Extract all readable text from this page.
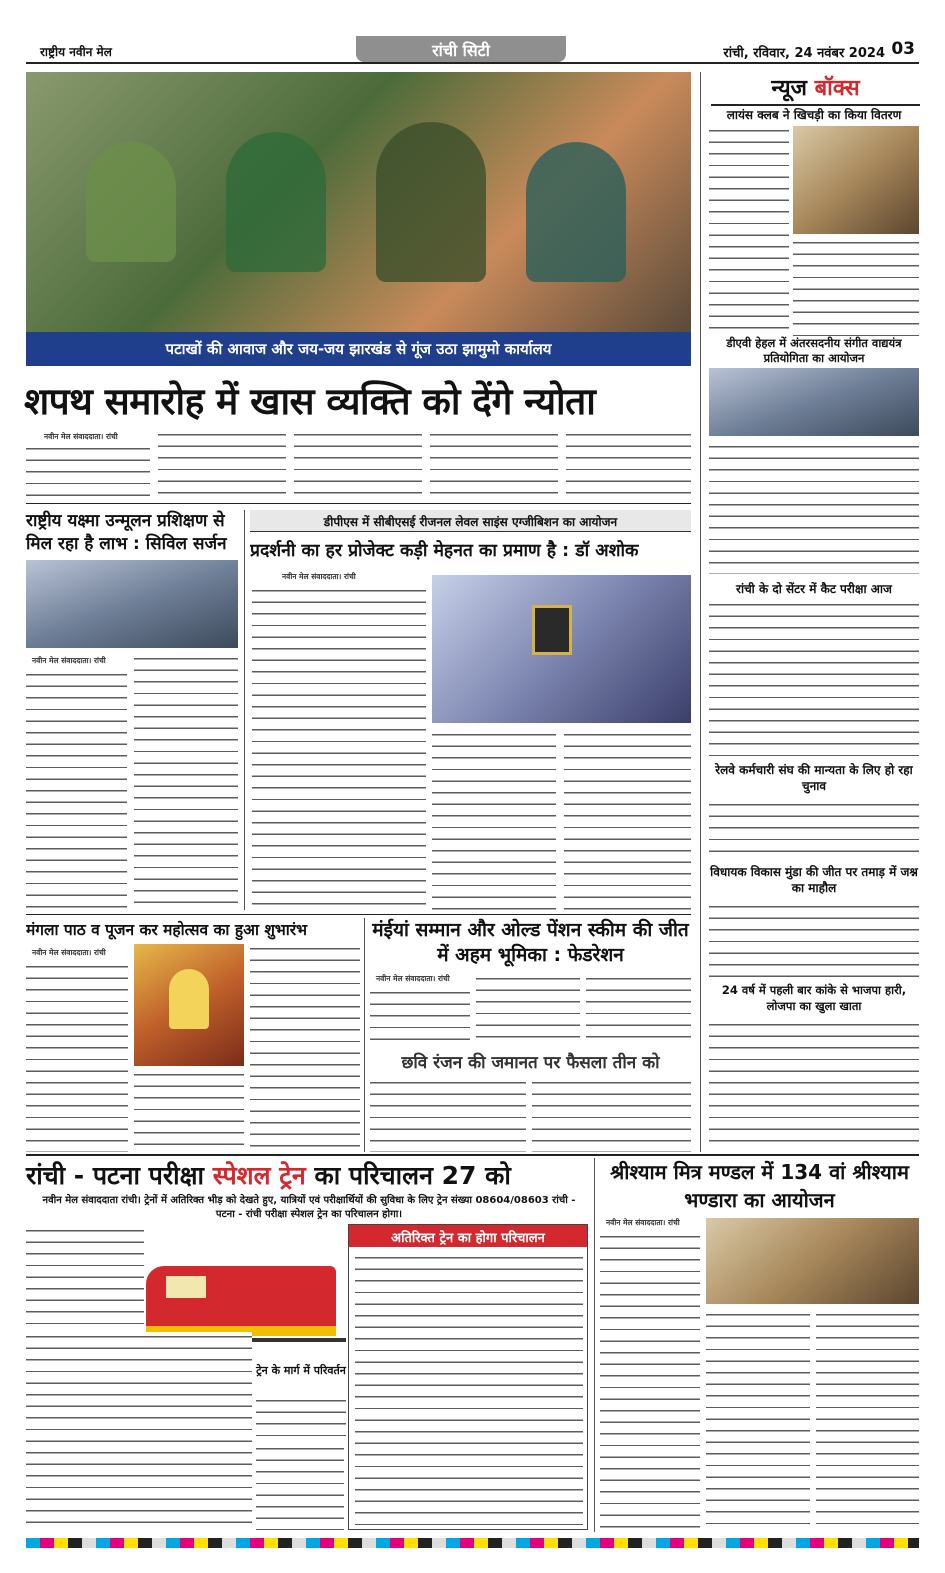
राष्ट्रीय नवीन मेल	रांची सिटी	रांची, रविवार, 24 नवंबर 2024 03
पटाखों की आवाज और जय-जय झारखंड से गूंज उठा झामुमो कार्यालय
शपथ समारोह में खास व्यक्ति को देंगे न्योता
नवीन मेल संवाददाता। रांची
राष्ट्रीय यक्ष्मा उन्मूलन प्रशिक्षण से मिल रहा है लाभ : सिविल सर्जन
नवीन मेल संवाददाता। रांची
डीपीएस में सीबीएसई रीजनल लेवल साइंस एग्जीबिशन का आयोजन
प्रदर्शनी का हर प्रोजेक्ट कड़ी मेहनत का प्रमाण है : डॉ अशोक
नवीन मेल संवाददाता। रांची
मंगला पाठ व पूजन कर महोत्सव का हुआ शुभारंभ
नवीन मेल संवाददाता। रांची
मंईयां सम्मान और ओल्ड पेंशन स्कीम की जीत में अहम भूमिका : फेडरेशन
नवीन मेल संवाददाता। रांची
छवि रंजन की जमानत पर फैसला तीन को
न्यूज बॉक्स
लायंस क्लब ने खिचड़ी का किया वितरण
डीएवी हेहल में अंतरसदनीय संगीत वाद्ययंत्र प्रतियोगिता का आयोजन
रांची के दो सेंटर में कैट परीक्षा आज
रेलवे कर्मचारी संघ की मान्यता के लिए हो रहा चुनाव
विधायक विकास मुंडा की जीत पर तमाड़ में जश्न का माहौल
24 वर्ष में पहली बार कांके से भाजपा हारी, लोजपा का खुला खाता
रांची - पटना परीक्षा स्पेशल ट्रेन का परिचालन 27 को
नवीन मेल संवाददाता रांची। ट्रेनों में अतिरिक्त भीड़ को देखते हुए, यात्रियों एवं परीक्षार्थियों की सुविधा के लिए ट्रेन संख्या 08604/08603 रांची - पटना - रांची परीक्षा स्पेशल ट्रेन का परिचालन होगा।
अतिरिक्त ट्रेन का होगा परिचालन
ट्रेन के मार्ग में परिवर्तन
श्रीश्याम मित्र मण्डल में 134 वां श्रीश्याम भण्डारा का आयोजन
नवीन मेल संवाददाता। रांची
